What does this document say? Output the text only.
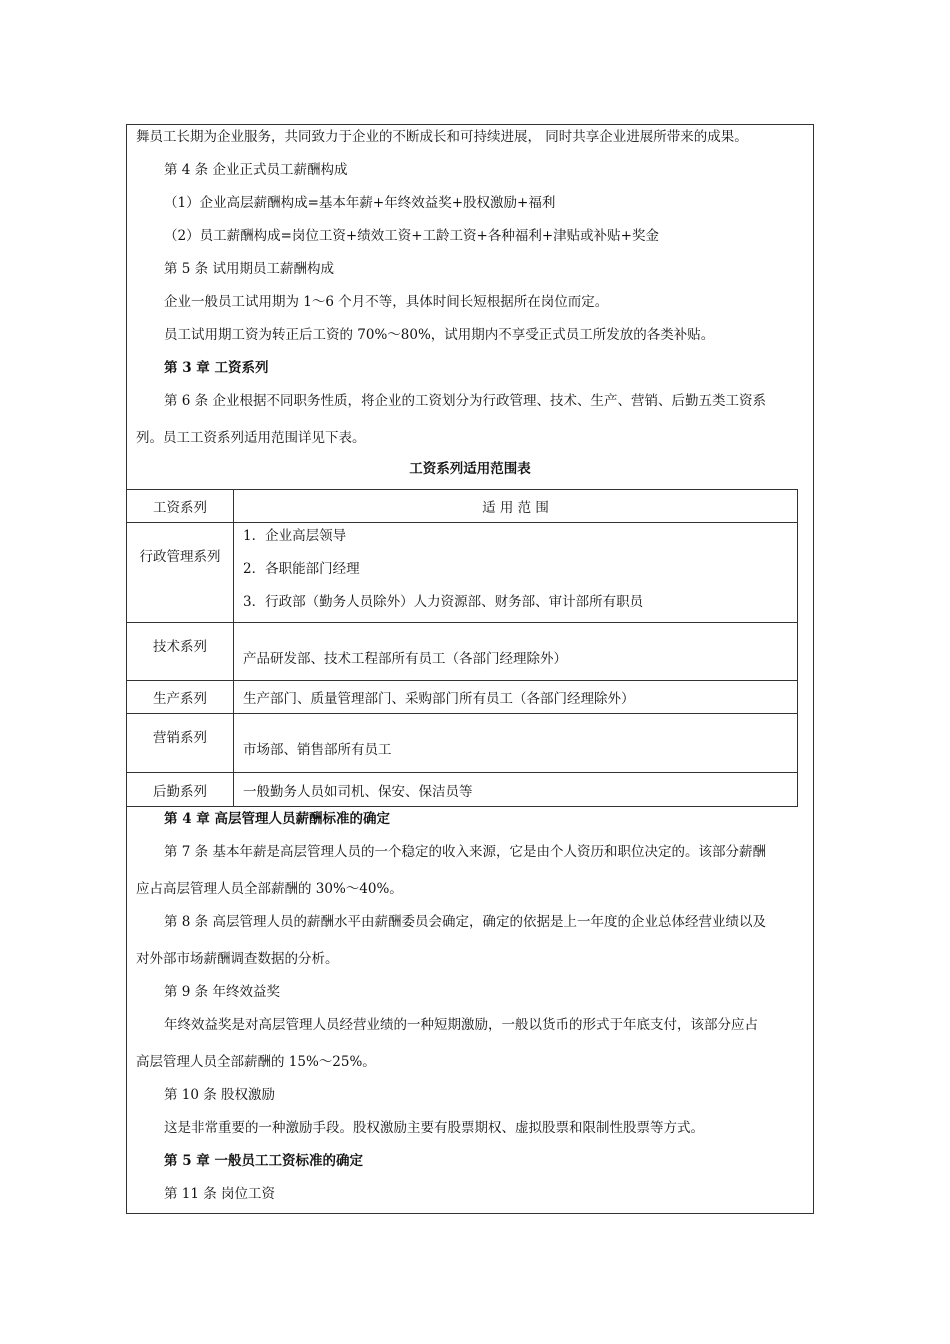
舞员工长期为企业服务，共同致力于企业的不断成长和可持续进展， 同时共享企业进展所带来的成果。
第 4 条 企业正式员工薪酬构成
（1）企业高层薪酬构成=基本年薪+年终效益奖+股权激励+福利
（2）员工薪酬构成=岗位工资+绩效工资+工龄工资+各种福利+津贴或补贴+奖金
第 5 条 试用期员工薪酬构成
企业一般员工试用期为 1～6 个月不等，具体时间长短根据所在岗位而定。
员工试用期工资为转正后工资的 70%～80%，试用期内不享受正式员工所发放的各类补贴。
第 3 章 工资系列
第 6 条 企业根据不同职务性质，将企业的工资划分为行政管理、技术、生产、营销、后勤五类工资系
列。员工工资系列适用范围详见下表。
工资系列适用范围表
工资系列	适 用 范 围

行政管理系列	1．企业高层领导
2．各职能部门经理
3．行政部（勤务人员除外）人力资源部、财务部、审计部所有职员

技术系列	产品研发部、技术工程部所有员工（各部门经理除外）

生产系列	生产部门、质量管理部门、采购部门所有员工（各部门经理除外）

营销系列	市场部、销售部所有员工

后勤系列	一般勤务人员如司机、保安、保洁员等
第 4 章 高层管理人员薪酬标准的确定
第 7 条 基本年薪是高层管理人员的一个稳定的收入来源，它是由个人资历和职位决定的。该部分薪酬
应占高层管理人员全部薪酬的 30%～40%。
第 8 条 高层管理人员的薪酬水平由薪酬委员会确定，确定的依据是上一年度的企业总体经营业绩以及
对外部市场薪酬调查数据的分析。
第 9 条 年终效益奖
年终效益奖是对高层管理人员经营业绩的一种短期激励，一般以货币的形式于年底支付，该部分应占
高层管理人员全部薪酬的 15%～25%。
第 10 条 股权激励
这是非常重要的一种激励手段。股权激励主要有股票期权、虚拟股票和限制性股票等方式。
第 5 章 一般员工工资标准的确定
第 11 条 岗位工资
